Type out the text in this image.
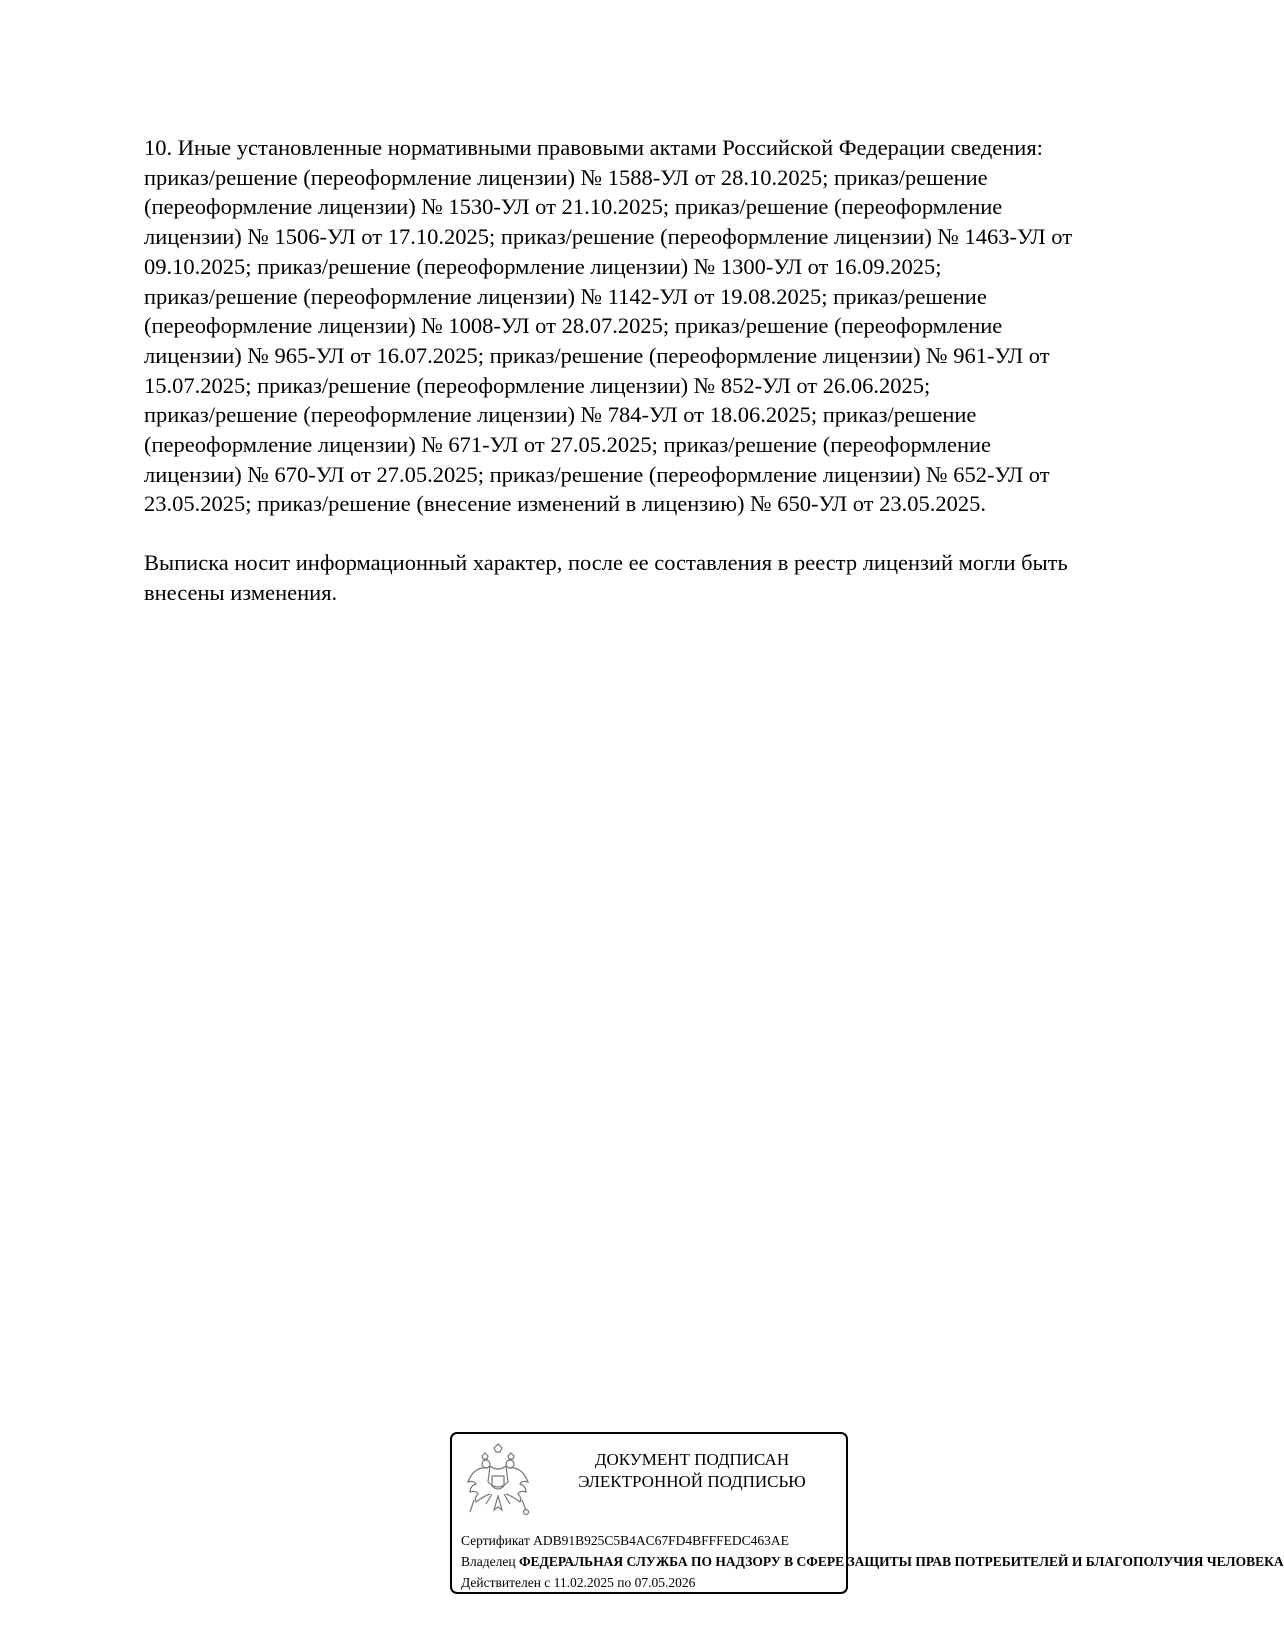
10. Иные установленные нормативными правовыми актами Российской Федерации сведения:
приказ/решение (переоформление лицензии) № 1588-УЛ от 28.10.2025; приказ/решение
(переоформление лицензии) № 1530-УЛ от 21.10.2025; приказ/решение (переоформление
лицензии) № 1506-УЛ от 17.10.2025; приказ/решение (переоформление лицензии) № 1463-УЛ от
09.10.2025; приказ/решение (переоформление лицензии) № 1300-УЛ от 16.09.2025;
приказ/решение (переоформление лицензии) № 1142-УЛ от 19.08.2025; приказ/решение
(переоформление лицензии) № 1008-УЛ от 28.07.2025; приказ/решение (переоформление
лицензии) № 965-УЛ от 16.07.2025; приказ/решение (переоформление лицензии) № 961-УЛ от
15.07.2025; приказ/решение (переоформление лицензии) № 852-УЛ от 26.06.2025;
приказ/решение (переоформление лицензии) № 784-УЛ от 18.06.2025; приказ/решение
(переоформление лицензии) № 671-УЛ от 27.05.2025; приказ/решение (переоформление
лицензии) № 670-УЛ от 27.05.2025; приказ/решение (переоформление лицензии) № 652-УЛ от
23.05.2025; приказ/решение (внесение изменений в лицензию) № 650-УЛ от 23.05.2025.

Выписка носит информационный характер, после ее составления в реестр лицензий могли быть
внесены изменения.

ДОКУМЕНТ ПОДПИСАН
ЭЛЕКТРОННОЙ ПОДПИСЬЮ
Сертификат ADB91B925C5B4AC67FD4BFFFEDC463AE
Владелец ФЕДЕРАЛЬНАЯ СЛУЖБА ПО НАДЗОРУ В СФЕРЕ ЗАЩИТЫ ПРАВ ПОТРЕБИТЕЛЕЙ И БЛАГОПОЛУЧИЯ ЧЕЛОВЕКА
Действителен с 11.02.2025 по 07.05.2026
